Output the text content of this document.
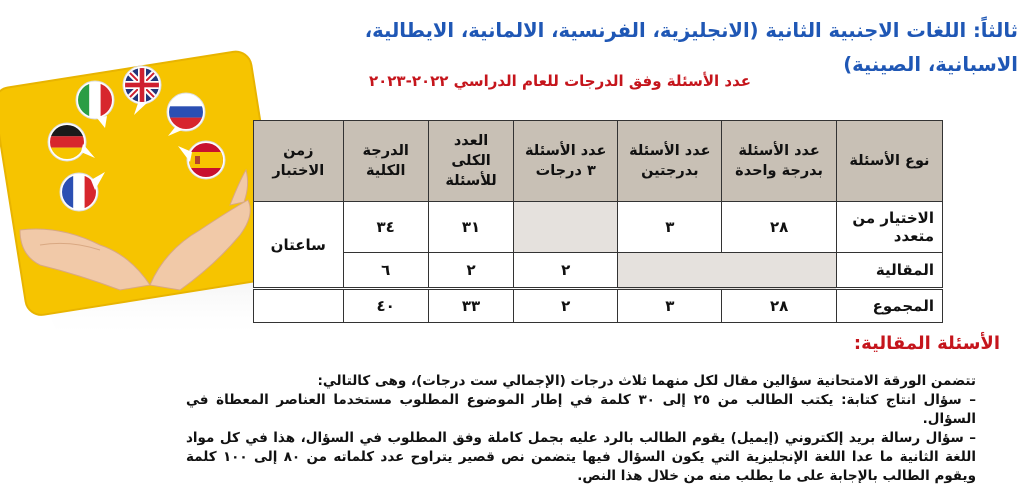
ثالثاً: اللغات الاجنبية الثانية (الانجليزية، الفرنسية، الالمانية، الايطالية، الاسبانية، الصينية)
عدد الأسئلة وفق الدرجات للعام الدراسي ٢٠٢٢-٢٠٢٣
نوع الأسئلة	عدد الأسئلة بدرجة واحدة	عدد الأسئلة بدرجتين	عدد الأسئلة ٣ درجات	العدد الكلى للأسئلة	الدرجة الكلية	زمن الاختبار
الاختيار من متعدد	٢٨	٣		٣١	٣٤	ساعتان
المقالية			٢	٢	٦	
المجموع	٢٨	٣	٢	٣٣	٤٠	
الأسئلة المقالية:

تتضمن الورقة الامتحانية سؤالين مقال لكل منهما ثلاث درجات (الإجمالي ست درجات)، وهى كالتالي:

– سؤال انتاج كتابة: يكتب الطالب من ٢٥ إلى ٣٠ كلمة في إطار الموضوع المطلوب مستخدما العناصر المعطاة في السؤال.

– سؤال رسالة بريد إلكتروني (إيميل) يقوم الطالب بالرد عليه بجمل كاملة وفق المطلوب في السؤال، هذا في كل مواد اللغة الثانية ما عدا اللغة الإنجليزية التي يكون السؤال فيها يتضمن نص قصير يتراوح عدد كلماته من ٨٠ إلى ١٠٠ كلمة ويقوم الطالب بالإجابة على ما يطلب منه من خلال هذا النص.
